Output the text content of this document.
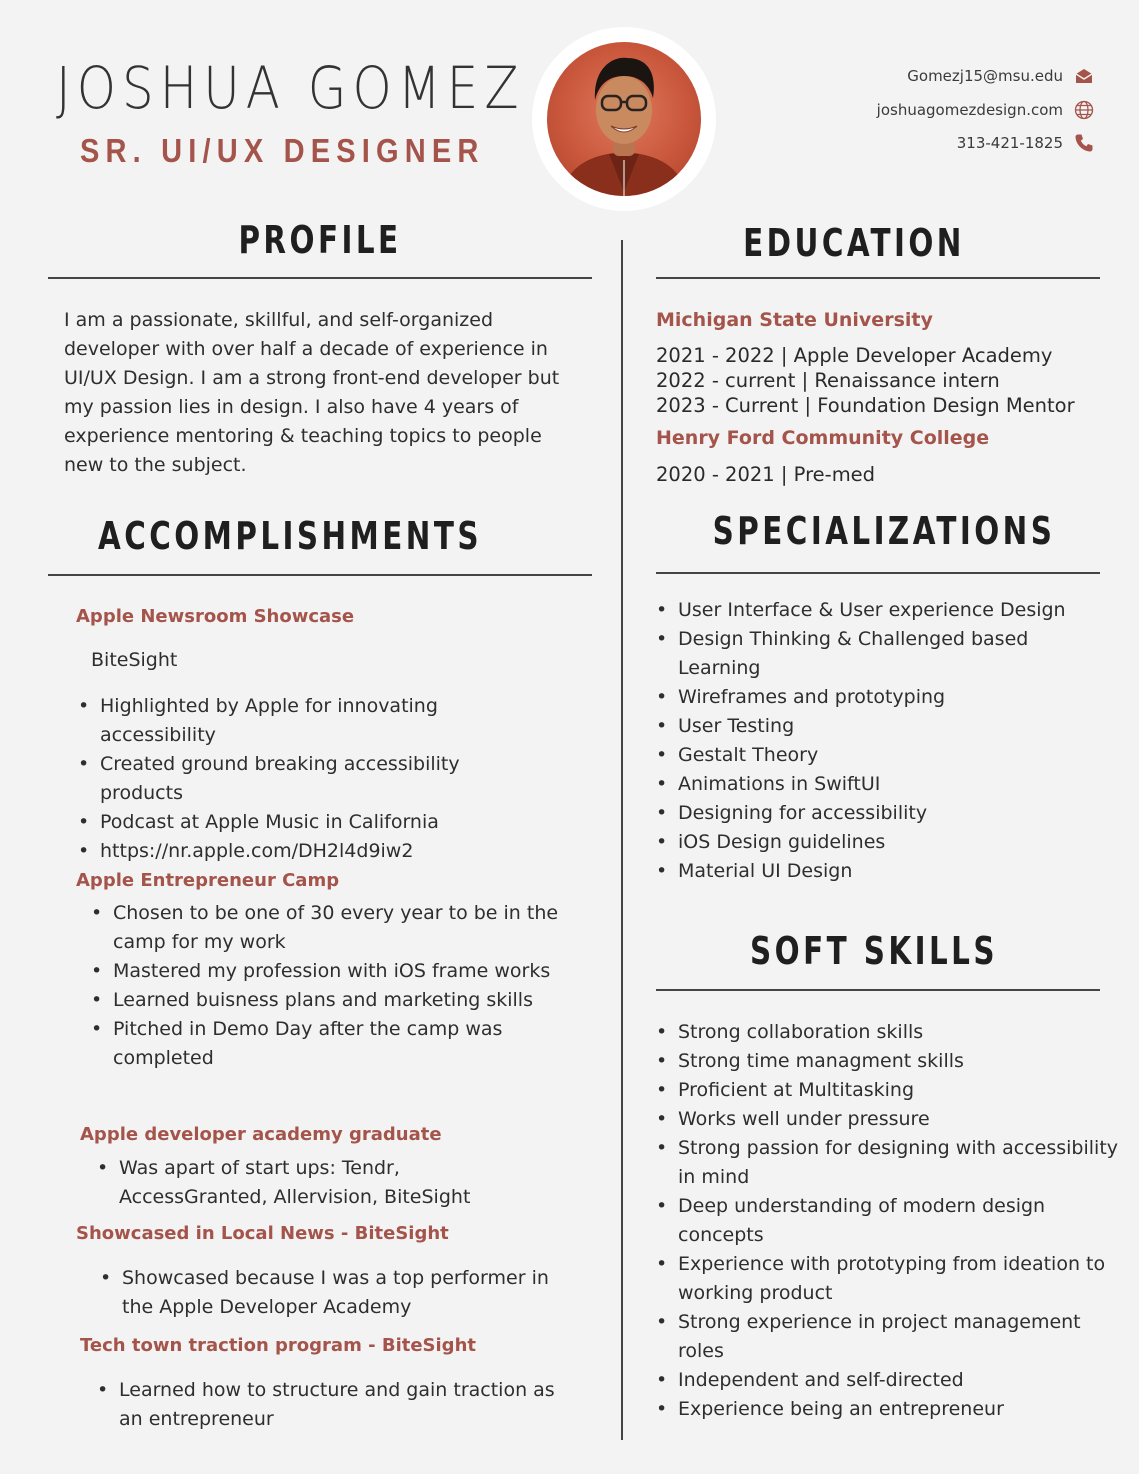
JOSHUA GOMEZ
SR. UI/UX DESIGNER
Gomezj15@msu.edu
joshuagomezdesign.com
313-421-1825
PROFILE
I am a passionate, skillful, and self-organized developer with over half a decade of experience in UI/UX Design. I am a strong front-end developer but my passion lies in design. I also have 4 years of experience mentoring & teaching topics to people new to the subject.
ACCOMPLISHMENTS
Apple Newsroom Showcase
BiteSight
• Highlighted by Apple for innovating accessibility
• Created ground breaking accessibility products
• Podcast at Apple Music in California
• https://nr.apple.com/DH2l4d9iw2
Apple Entrepreneur Camp
• Chosen to be one of 30 every year to be in the camp for my work
• Mastered my profession with iOS frame works
• Learned buisness plans and marketing skills
• Pitched in Demo Day after the camp was completed
Apple developer academy graduate
• Was apart of start ups: Tendr, AccessGranted, Allervision, BiteSight
Showcased in Local News - BiteSight
• Showcased because I was a top performer in the Apple Developer Academy
Tech town traction program - BiteSight
• Learned how to structure and gain traction as an entrepreneur
EDUCATION
Michigan State University
2021 - 2022 | Apple Developer Academy
2022 - current | Renaissance intern
2023 - Current | Foundation Design Mentor
Henry Ford Community College
2020 - 2021 | Pre-med
SPECIALIZATIONS
• User Interface & User experience Design
• Design Thinking & Challenged based Learning
• Wireframes and prototyping
• User Testing
• Gestalt Theory
• Animations in SwiftUI
• Designing for accessibility
• iOS Design guidelines
• Material UI Design
SOFT SKILLS
• Strong collaboration skills
• Strong time managment skills
• Proficient at Multitasking
• Works well under pressure
• Strong passion for designing with accessibility in mind
• Deep understanding of modern design concepts
• Experience with prototyping from ideation to working product
• Strong experience in project management roles
• Independent and self-directed
• Experience being an entrepreneur
